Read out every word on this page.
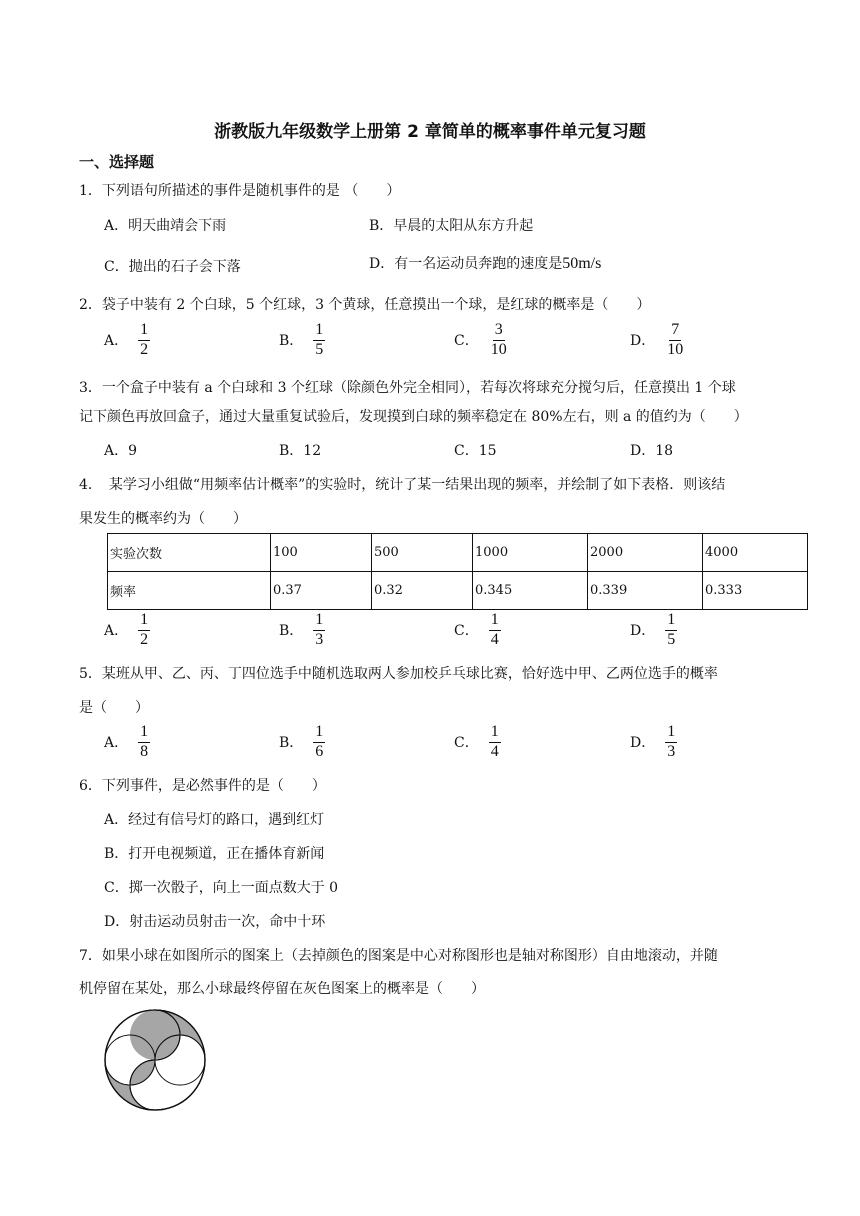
浙教版九年级数学上册第 2 章简单的概率事件单元复习题
一、选择题
1．下列语句所描述的事件是随机事件的是 （　　）
A．明天曲靖会下雨	B．早晨的太阳从东方升起
C．抛出的石子会下落	D．有一名运动员奔跑的速度是50m/s
2．袋子中装有 2 个白球，5 个红球，3 个黄球，任意摸出一个球，是红球的概率是（　　）
A． $\frac{1}{2}$	B． $\frac{1}{5}$	C． $\frac{3}{10}$	D． $\frac{7}{10}$
3．一个盒子中装有 a 个白球和 3 个红球（除颜色外完全相同），若每次将球充分搅匀后，任意摸出 1 个球
记下颜色再放回盒子，通过大量重复试验后，发现摸到白球的频率稳定在 80%左右，则 a 的值约为（　　）
A．9	B．12	C．15	D．18
4．　某学习小组做“用频率估计概率”的实验时，统计了某一结果出现的频率，并绘制了如下表格．则该结
果发生的概率约为（　　）
实验次数	100	500	1000	2000	4000
频率	0.37	0.32	0.345	0.339	0.333
A． $\frac{1}{2}$	B． $\frac{1}{3}$	C． $\frac{1}{4}$	D． $\frac{1}{5}$
5．某班从甲、乙、丙、丁四位选手中随机选取两人参加校乒乓球比赛，恰好选中甲、乙两位选手的概率
是（　　）
A． $\frac{1}{8}$	B． $\frac{1}{6}$	C． $\frac{1}{4}$	D． $\frac{1}{3}$
6．下列事件，是必然事件的是（　　）
A．经过有信号灯的路口，遇到红灯
B．打开电视频道，正在播体育新闻
C．掷一次骰子，向上一面点数大于 0
D．射击运动员射击一次，命中十环
7．如果小球在如图所示的图案上（去掉颜色的图案是中心对称图形也是轴对称图形）自由地滚动，并随
机停留在某处，那么小球最终停留在灰色图案上的概率是（　　）
